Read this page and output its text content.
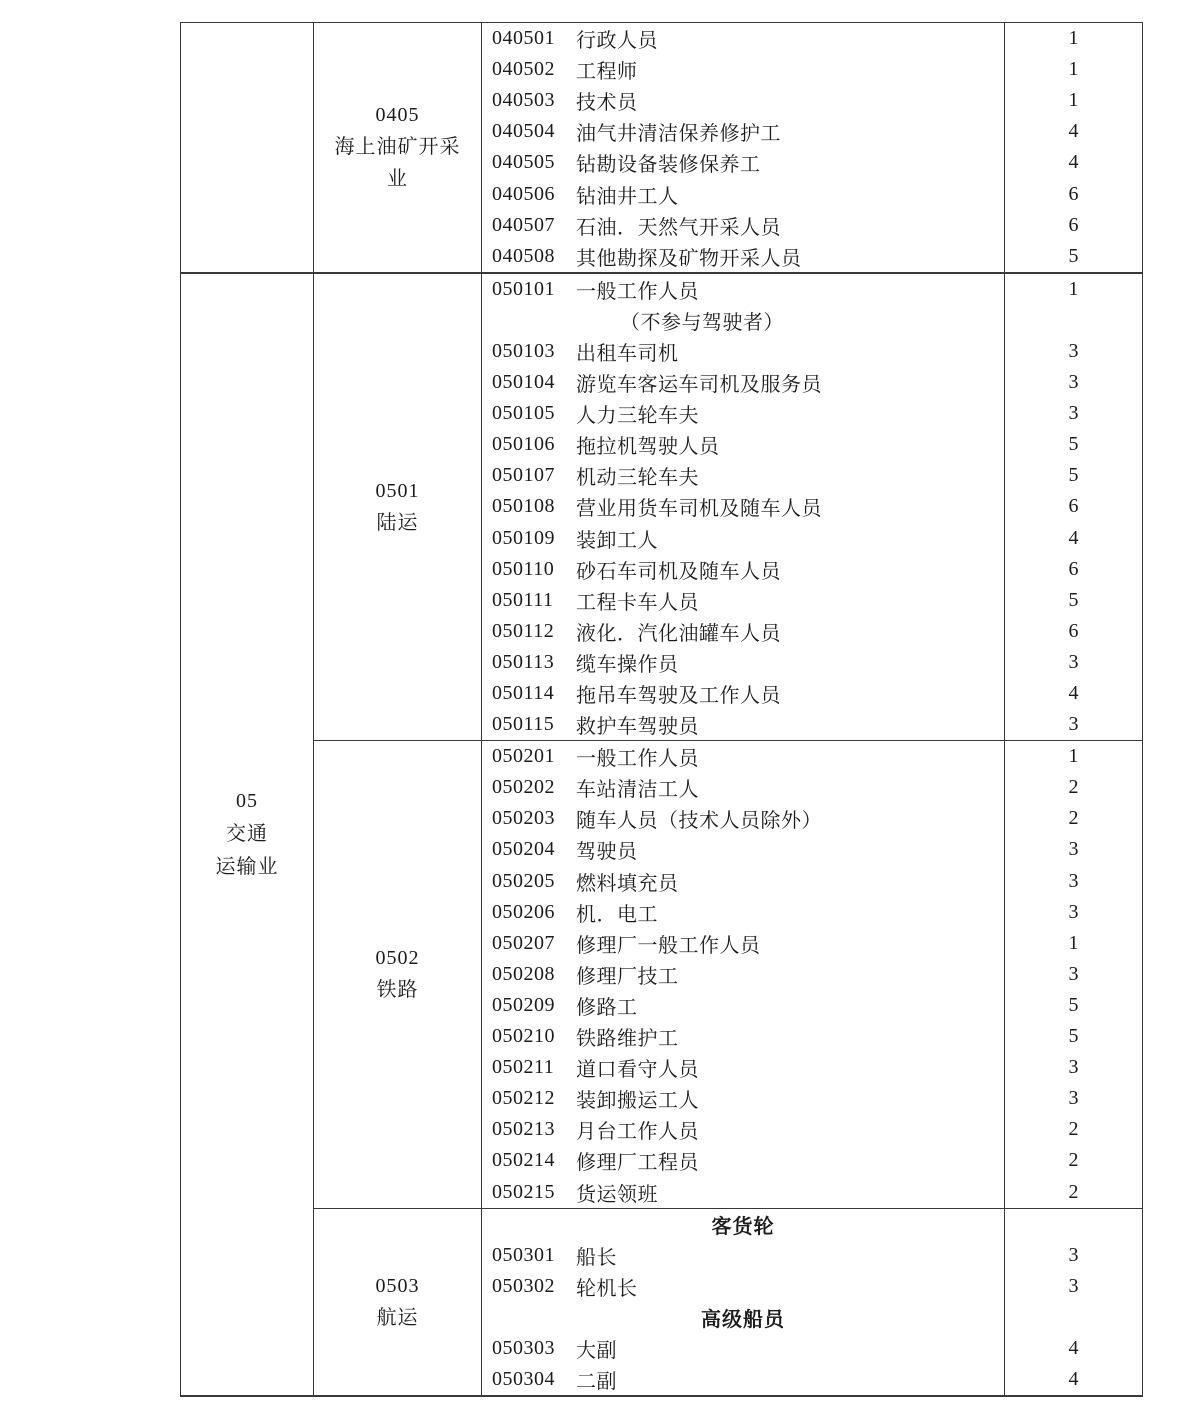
0405
海上油矿开采
业
040501	行政人员	1
040502	工程师	1
040503	技术员	1
040504	油气井清洁保养修护工	4
040505	钻勘设备装修保养工	4
040506	钻油井工人	6
040507	石油．天然气开采人员	6
040508	其他勘探及矿物开采人员	5
05
交通
运输业
0501
陆运
050101	一般工作人员	1
（不参与驾驶者）
050103	出租车司机	3
050104	游览车客运车司机及服务员	3
050105	人力三轮车夫	3
050106	拖拉机驾驶人员	5
050107	机动三轮车夫	5
050108	营业用货车司机及随车人员	6
050109	装卸工人	4
050110	砂石车司机及随车人员	6
050111	工程卡车人员	5
050112	液化．汽化油罐车人员	6
050113	缆车操作员	3
050114	拖吊车驾驶及工作人员	4
050115	救护车驾驶员	3
0502
铁路
050201	一般工作人员	1
050202	车站清洁工人	2
050203	随车人员（技术人员除外）	2
050204	驾驶员	3
050205	燃料填充员	3
050206	机．电工	3
050207	修理厂一般工作人员	1
050208	修理厂技工	3
050209	修路工	5
050210	铁路维护工	5
050211	道口看守人员	3
050212	装卸搬运工人	3
050213	月台工作人员	2
050214	修理厂工程员	2
050215	货运领班	2
0503
航运
客货轮
050301	船长	3
050302	轮机长	3
高级船员
050303	大副	4
050304	二副	4
